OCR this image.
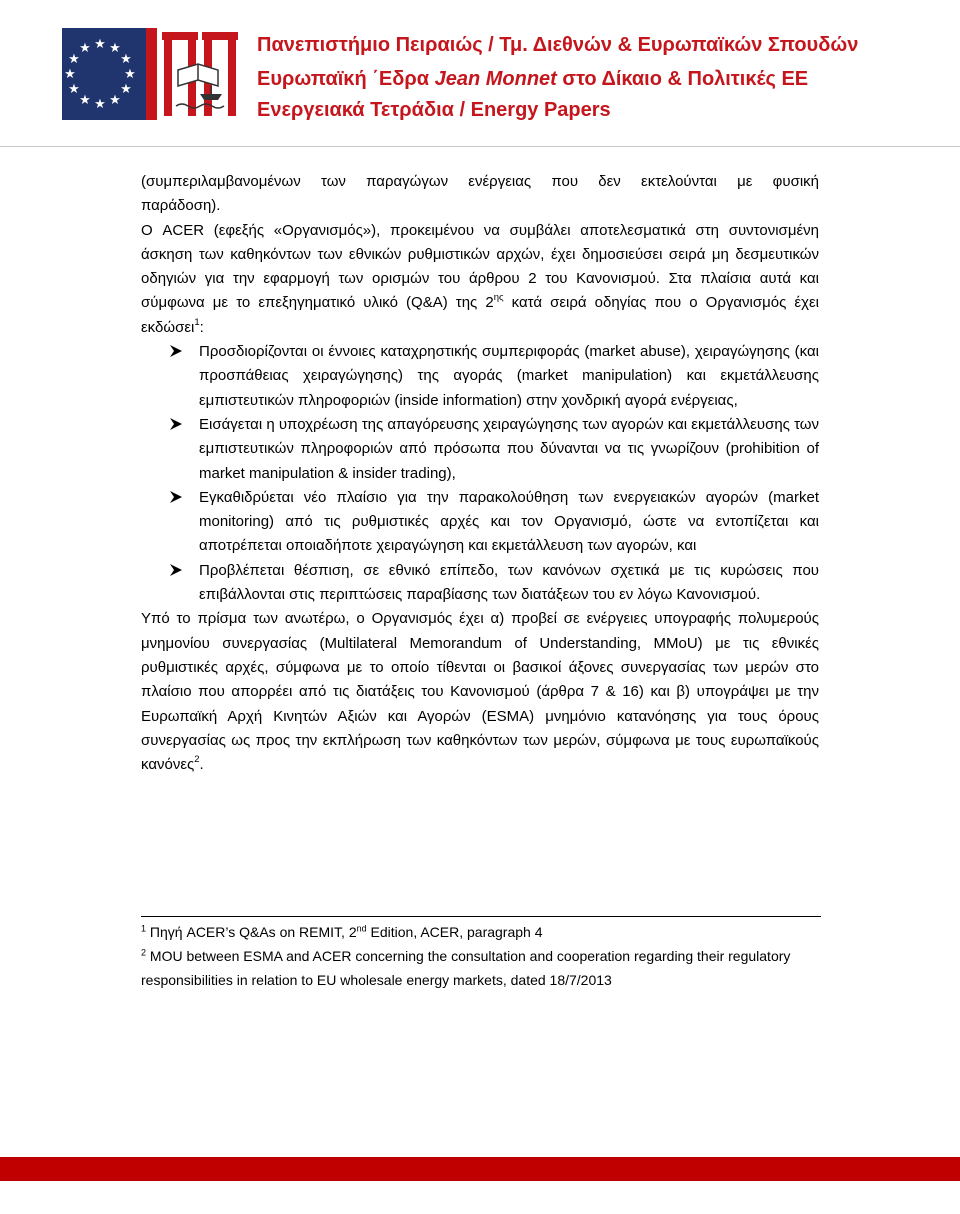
★ ★
★
★
★
★
★
★
★
★
★
★	Πανεπιστήμιο Πειραιώς / Τμ. Διεθνών & Ευρωπαϊκών Σπουδών
Ευρωπαϊκή ΄Εδρα Jean Monnet στο Δίκαιο & Πολιτικές ΕΕ
Ενεργειακά Τετράδια / Energy Papers

(συμπεριλαμβανομένων των παραγώγων ενέργειας που δεν εκτελούνται με φυσική

παράδοση).

Ο ACER (εφεξής «Οργανισμός»), προκειμένου να συμβάλει αποτελεσματικά στη συντονισμένη άσκηση των καθηκόντων των εθνικών ρυθμιστικών αρχών, έχει δημοσιεύσει σειρά μη δεσμευτικών οδηγιών για την εφαρμογή των ορισμών του άρθρου 2 του Κανονισμού. Στα πλαίσια αυτά και σύμφωνα με το επεξηγηματικό υλικό (Q&A) της $2^{\eta\varsigma}$ κατά σειρά οδηγίας που ο Οργανισμός έχει εκδώσει$^1$:

Προσδιορίζονται οι έννοιες καταχρηστικής συμπεριφοράς (market abuse), χειραγώγησης (και προσπάθειας χειραγώγησης) της αγοράς (market manipulation) και εκμετάλλευσης εμπιστευτικών πληροφοριών (inside information) στην χονδρική αγορά ενέργειας,
Εισάγεται η υποχρέωση της απαγόρευσης χειραγώγησης των αγορών και εκμετάλλευσης των εμπιστευτικών πληροφοριών από πρόσωπα που δύνανται να τις γνωρίζουν (prohibition of market manipulation & insider trading),
Εγκαθιδρύεται νέο πλαίσιο για την παρακολούθηση των ενεργειακών αγορών (market monitoring) από τις ρυθμιστικές αρχές και τον Οργανισμό, ώστε να εντοπίζεται και αποτρέπεται οποιαδήποτε χειραγώγηση και εκμετάλλευση των αγορών, και
Προβλέπεται θέσπιση, σε εθνικό επίπεδο, των κανόνων σχετικά με τις κυρώσεις που επιβάλλονται στις περιπτώσεις παραβίασης των διατάξεων του εν λόγω Κανονισμού.

Υπό το πρίσμα των ανωτέρω, ο Οργανισμός έχει α) προβεί σε ενέργειες υπογραφής πολυμερούς μνημονίου συνεργασίας (Multilateral Memorandum of Understanding, MMoU) με τις εθνικές ρυθμιστικές αρχές, σύμφωνα με το οποίο τίθενται οι βασικοί άξονες συνεργασίας των μερών στο πλαίσιο που απορρέει από τις διατάξεις του Κανονισμού (άρθρα 7 & 16) και β) υπογράψει με την Ευρωπαϊκή Αρχή Κινητών Αξιών και Αγορών (ESMA) μνημόνιο κατανόησης για τους όρους συνεργασίας ως προς την εκπλήρωση των καθηκόντων των μερών, σύμφωνα με τους ευρωπαϊκούς κανόνες$^2$.

$^1$ Πηγή ACER’s Q&As on REMIT, 2nd Edition, ACER, paragraph 4

$^2$ MOU between ESMA and ACER concerning the consultation and cooperation regarding their regulatory responsibilities in relation to EU wholesale energy markets, dated 18/7/2013
